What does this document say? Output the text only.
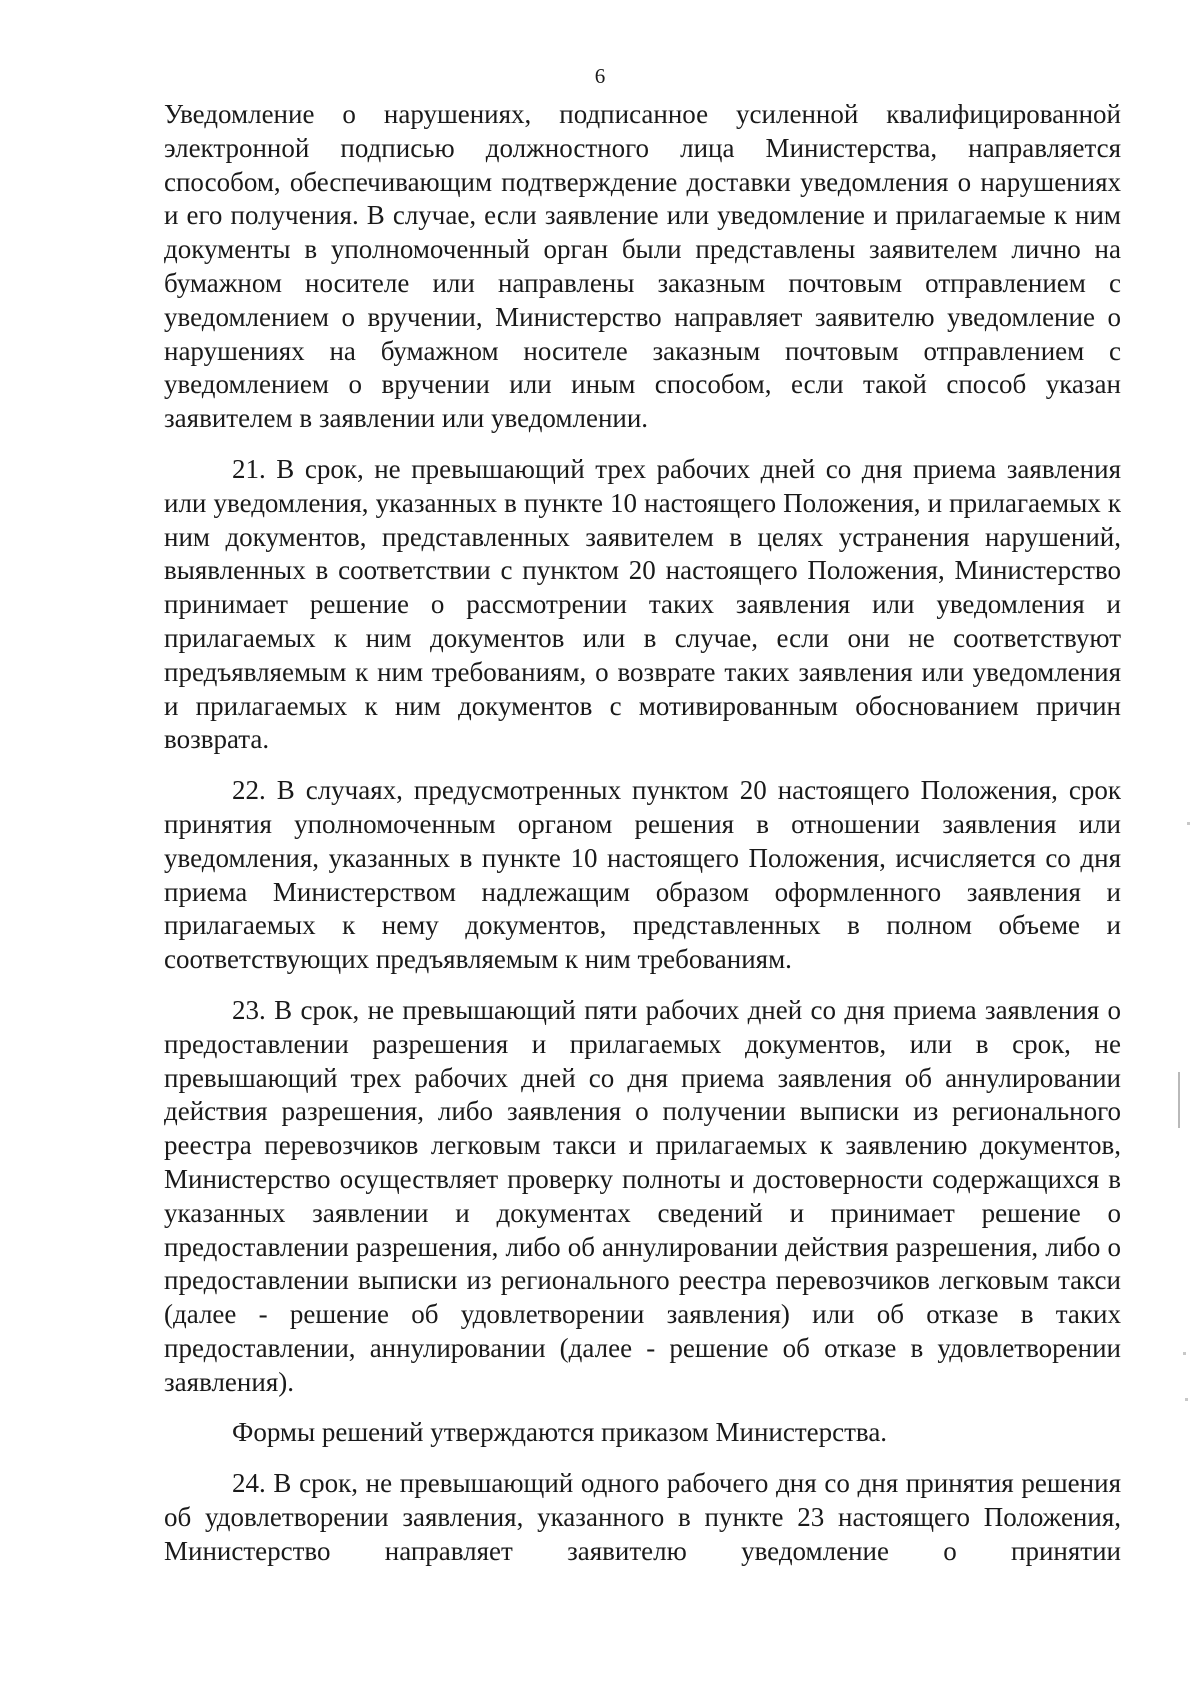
6

Уведомление о нарушениях, подписанное усиленной квалифицированной электронной подписью должностного лица Министерства, направляется способом, обеспечивающим подтверждение доставки уведомления о нарушениях и его получения. В случае, если заявление или уведомление и прилагаемые к ним документы в уполномоченный орган были представлены заявителем лично на бумажном носителе или направлены заказным почтовым отправлением с уведомлением о вручении, Министерство направляет заявителю уведомление о нарушениях на бумажном носителе заказным почтовым отправлением с уведомлением о вручении или иным способом, если такой способ указан заявителем в заявлении или уведомлении.

21. В срок, не превышающий трех рабочих дней со дня приема заявления или уведомления, указанных в пункте 10 настоящего Положения, и прилагаемых к ним документов, представленных заявителем в целях устранения нарушений, выявленных в соответствии с пунктом 20 настоящего Положения, Министерство принимает решение о рассмотрении таких заявления или уведомления и прилагаемых к ним документов или в случае, если они не соответствуют предъявляемым к ним требованиям, о возврате таких заявления или уведомления и прилагаемых к ним документов с мотивированным обоснованием причин возврата.

22. В случаях, предусмотренных пунктом 20 настоящего Положения, срок принятия уполномоченным органом решения в отношении заявления или уведомления, указанных в пункте 10 настоящего Положения, исчисляется со дня приема Министерством надлежащим образом оформленного заявления и прилагаемых к нему документов, представленных в полном объеме и соответствующих предъявляемым к ним требованиям.

23. В срок, не превышающий пяти рабочих дней со дня приема заявления о предоставлении разрешения и прилагаемых документов, или в срок, не превышающий трех рабочих дней со дня приема заявления об аннулировании действия разрешения, либо заявления о получении выписки из регионального реестра перевозчиков легковым такси и прилагаемых к заявлению документов, Министерство осуществляет проверку полноты и достоверности содержащихся в указанных заявлении и документах сведений и принимает решение о предоставлении разрешения, либо об аннулировании действия разрешения, либо о предоставлении выписки из регионального реестра перевозчиков легковым такси (далее - решение об удовлетворении заявления) или об отказе в таких предоставлении, аннулировании (далее - решение об отказе в удовлетворении заявления).

Формы решений утверждаются приказом Министерства.

24. В срок, не превышающий одного рабочего дня со дня принятия решения об удовлетворении заявления, указанного в пункте 23 настоящего Положения, Министерство направляет заявителю уведомление о принятии
